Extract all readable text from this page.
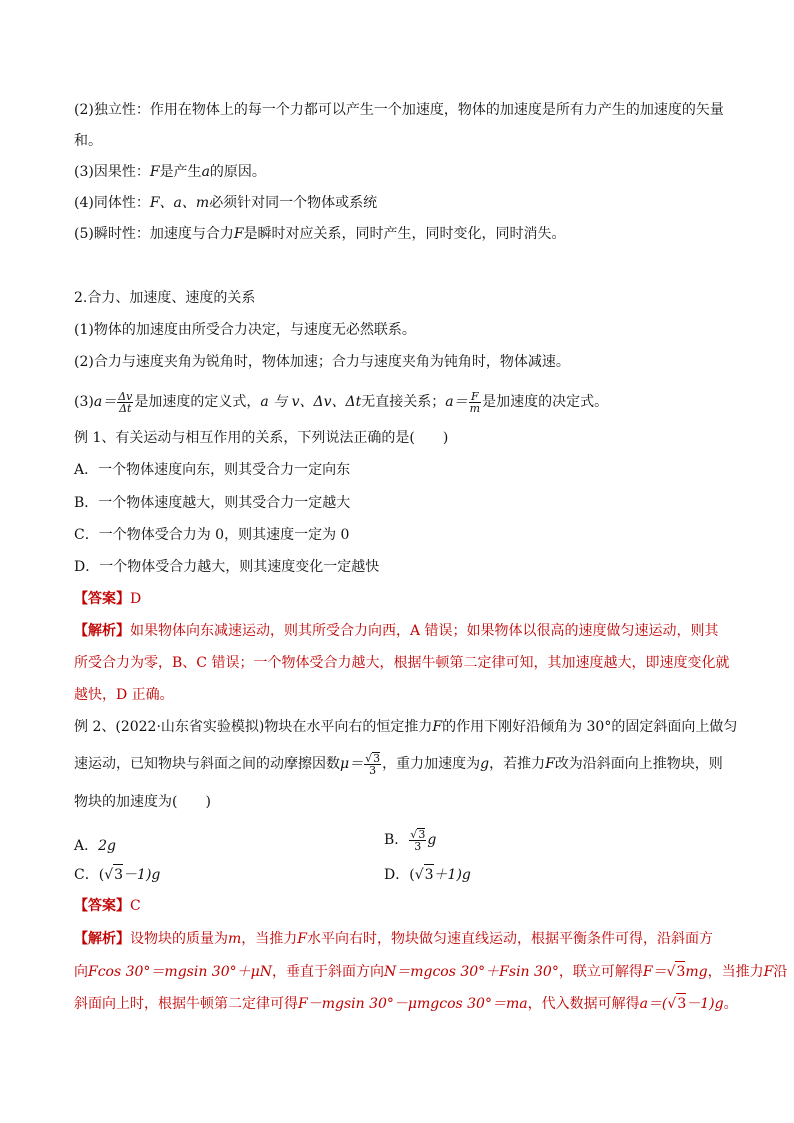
(2)独立性：作用在物体上的每一个力都可以产生一个加速度，物体的加速度是所有力产生的加速度的矢量
和。
(3)因果性：F是产生a的原因。
(4)同体性：F、a、m必须针对同一个物体或系统
(5)瞬时性：加速度与合力F是瞬时对应关系，同时产生，同时变化，同时消失。
2.合力、加速度、速度的关系
(1)物体的加速度由所受合力决定，与速度无必然联系。
(2)合力与速度夹角为锐角时，物体加速；合力与速度夹角为钝角时，物体减速。
$(3)a= \frac{\Delta v}{\Delta t}$ 是加速度的定义式，a 与 v、Δv、Δt无直接关系；$a= \frac{F}{m}$ 是加速度的决定式。
例 1、有关运动与相互作用的关系，下列说法正确的是(　　)
A．一个物体速度向东，则其受合力一定向东
B．一个物体速度越大，则其受合力一定越大
C．一个物体受合力为 0，则其速度一定为 0
D．一个物体受合力越大，则其速度变化一定越快
【答案】D
【解析】如果物体向东减速运动，则其所受合力向西，A 错误；如果物体以很高的速度做匀速运动，则其
所受合力为零，B、C 错误；一个物体受合力越大，根据牛顿第二定律可知，其加速度越大，即速度变化就
越快，D 正确。
例 2、(2022·山东省实验模拟)物块在水平向右的恒定推力F的作用下刚好沿倾角为 30°的固定斜面向上做匀
速运动，已知物块与斜面之间的动摩擦因数$\mu= \frac{√3}{3}$ ，重力加速度为g，若推力F改为沿斜面向上推物块，则
物块的加速度为(　　)
A．2g	B． $\frac{√3}{3}$ g
C．(√3－1)g	D．(√3＋1)g
【答案】C
【解析】设物块的质量为m，当推力F水平向右时，物块做匀速直线运动，根据平衡条件可得，沿斜面方
向Fcos 30°＝mgsin 30°＋μN，垂直于斜面方向N＝mgcos 30°＋Fsin 30°，联立可解得F＝√3mg，当推力F沿
斜面向上时，根据牛顿第二定律可得F－mgsin 30°－μmgcos 30°＝ma，代入数据可解得a＝(√3－1)g。
